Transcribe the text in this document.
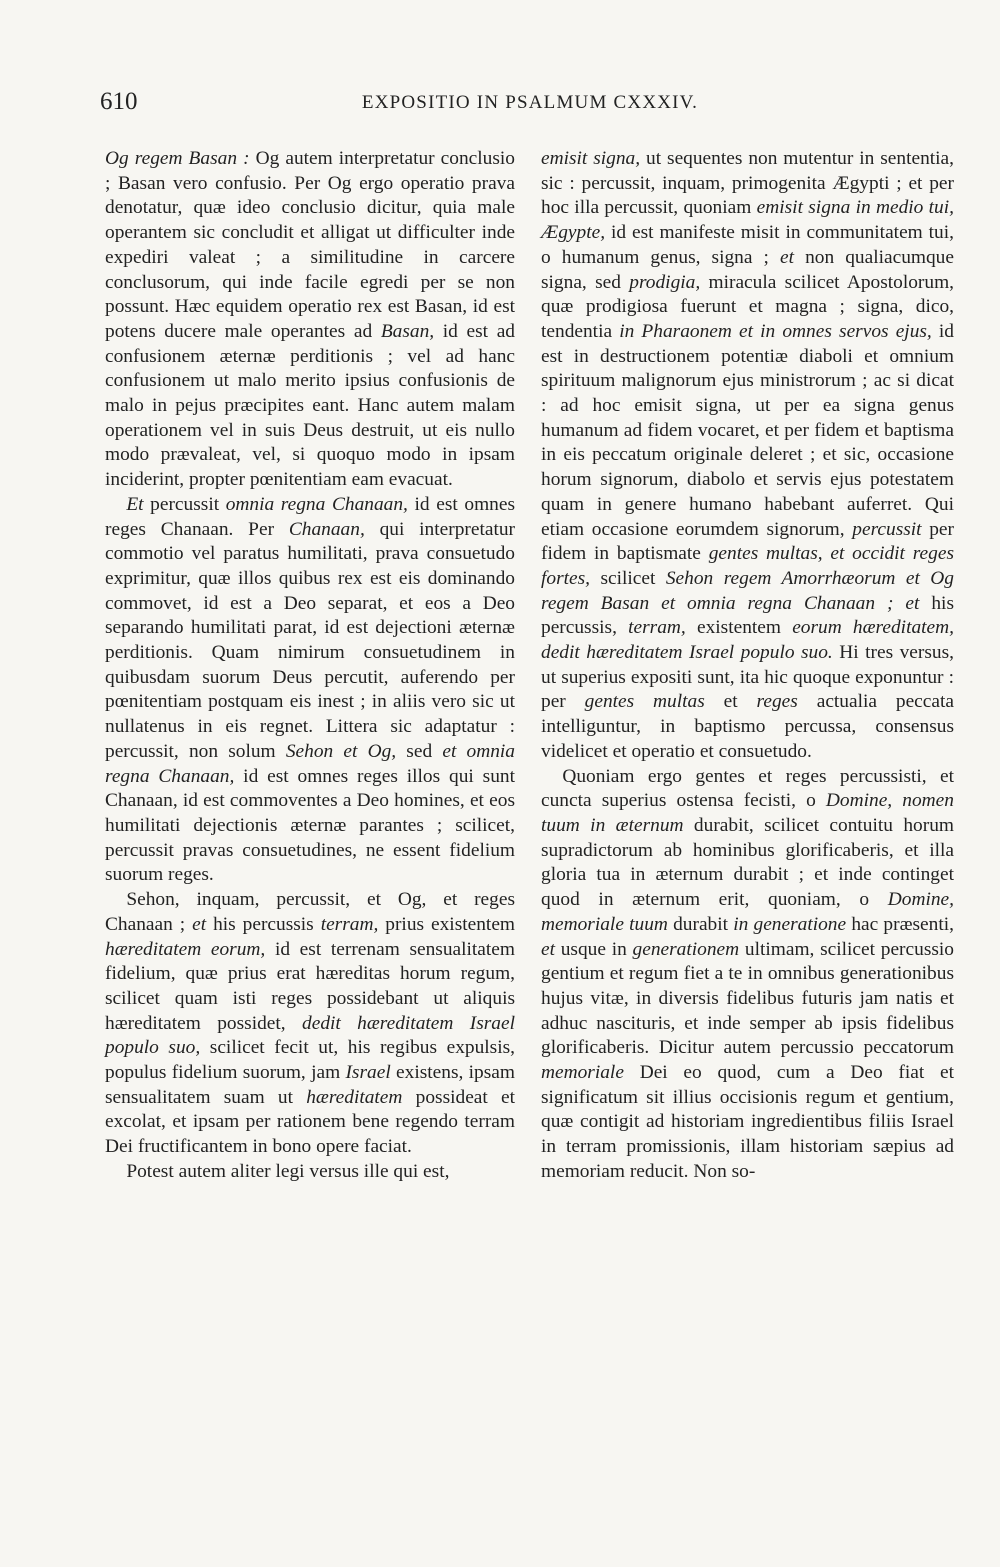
610	EXPOSITIO IN PSALMUM CXXXIV.

Og regem Basan : Og autem interpretatur conclusio ; Basan vero confusio. Per Og ergo operatio prava denotatur, quæ ideo conclusio dicitur, quia male operantem sic concludit et alligat ut difficulter inde expediri valeat ; a similitudine in carcere conclusorum, qui inde facile egredi per se non possunt. Hæc equidem operatio rex est Basan, id est potens ducere male operantes ad Basan, id est ad confusionem æternæ perditionis ; vel ad hanc confusionem ut malo merito ipsius confusionis de malo in pejus præcipites eant. Hanc autem malam operationem vel in suis Deus destruit, ut eis nullo modo prævaleat, vel, si quoquo modo in ipsam inciderint, propter pœnitentiam eam evacuat.

Et percussit omnia regna Chanaan, id est omnes reges Chanaan. Per Chanaan, qui interpretatur commotio vel paratus humilitati, prava consuetudo exprimitur, quæ illos quibus rex est eis dominando commovet, id est a Deo separat, et eos a Deo separando humilitati parat, id est dejectioni æternæ perditionis. Quam nimirum consuetudinem in quibusdam suorum Deus percutit, auferendo per pœnitentiam postquam eis inest ; in aliis vero sic ut nullatenus in eis regnet. Littera sic adaptatur : percussit, non solum Sehon et Og, sed et omnia regna Chanaan, id est omnes reges illos qui sunt Chanaan, id est commoventes a Deo homines, et eos humilitati dejectionis æternæ parantes ; scilicet, percussit pravas consuetudines, ne essent fidelium suorum reges.

Sehon, inquam, percussit, et Og, et reges Chanaan ; et his percussis terram, prius existentem hæreditatem eorum, id est terrenam sensualitatem fidelium, quæ prius erat hæreditas horum regum, scilicet quam isti reges possidebant ut aliquis hæreditatem possidet, dedit hæreditatem Israel populo suo, scilicet fecit ut, his regibus expulsis, populus fidelium suorum, jam Israel existens, ipsam sensualitatem suam ut hæreditatem possideat et excolat, et ipsam per rationem bene regendo terram Dei fructificantem in bono opere faciat.

Potest autem aliter legi versus ille qui est,

emisit signa, ut sequentes non mutentur in sententia, sic : percussit, inquam, primogenita Ægypti ; et per hoc illa percussit, quoniam emisit signa in medio tui, Ægypte, id est manifeste misit in communitatem tui, o humanum genus, signa ; et non qualiacumque signa, sed prodigia, miracula scilicet Apostolorum, quæ prodigiosa fuerunt et magna ; signa, dico, tendentia in Pharaonem et in omnes servos ejus, id est in destructionem potentiæ diaboli et omnium spirituum malignorum ejus ministrorum ; ac si dicat : ad hoc emisit signa, ut per ea signa genus humanum ad fidem vocaret, et per fidem et baptisma in eis peccatum originale deleret ; et sic, occasione horum signorum, diabolo et servis ejus potestatem quam in genere humano habebant auferret. Qui etiam occasione eorumdem signorum, percussit per fidem in baptismate gentes multas, et occidit reges fortes, scilicet Sehon regem Amorrhæorum et Og regem Basan et omnia regna Chanaan ; et his percussis, terram, existentem eorum hæreditatem, dedit hæreditatem Israel populo suo. Hi tres versus, ut superius expositi sunt, ita hic quoque exponuntur : per gentes multas et reges actualia peccata intelliguntur, in baptismo percussa, consensus videlicet et operatio et consuetudo.

Quoniam ergo gentes et reges percussisti, et cuncta superius ostensa fecisti, o Domine, nomen tuum in æternum durabit, scilicet contuitu horum supradictorum ab hominibus glorificaberis, et illa gloria tua in æternum durabit ; et inde continget quod in æternum erit, quoniam, o Domine, memoriale tuum durabit in generatione hac præsenti, et usque in generationem ultimam, scilicet percussio gentium et regum fiet a te in omnibus generationibus hujus vitæ, in diversis fidelibus futuris jam natis et adhuc nascituris, et inde semper ab ipsis fidelibus glorificaberis. Dicitur autem percussio peccatorum memoriale Dei eo quod, cum a Deo fiat et significatum sit illius occisionis regum et gentium, quæ contigit ad historiam ingredientibus filiis Israel in terram promissionis, illam historiam sæpius ad memoriam reducit. Non so-
